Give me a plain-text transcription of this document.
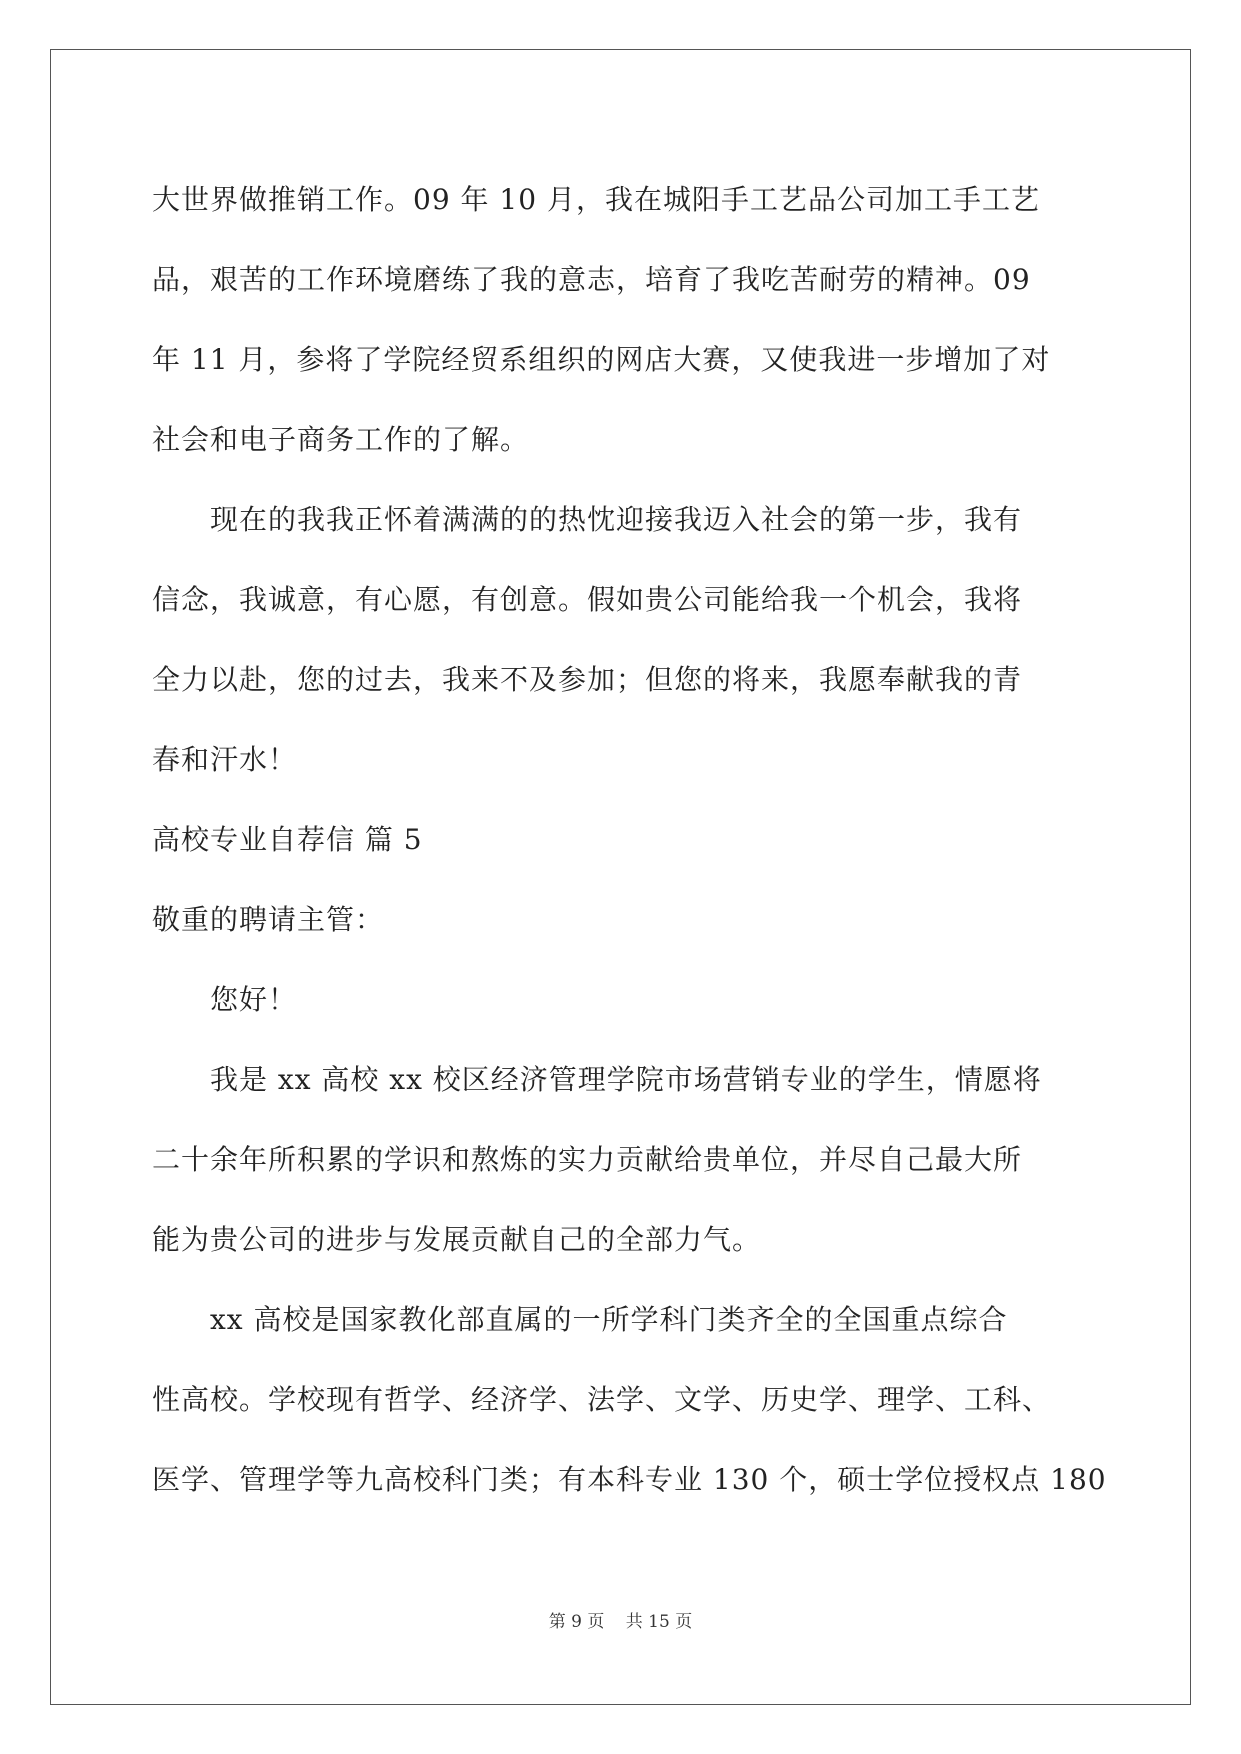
大世界做推销工作。09 年 10 月，我在城阳手工艺品公司加工手工艺
品，艰苦的工作环境磨练了我的意志，培育了我吃苦耐劳的精神。09
年 11 月，参将了学院经贸系组织的网店大赛，又使我进一步增加了对
社会和电子商务工作的了解。
现在的我我正怀着满满的的热忱迎接我迈入社会的第一步，我有
信念，我诚意，有心愿，有创意。假如贵公司能给我一个机会，我将
全力以赴，您的过去，我来不及参加；但您的将来，我愿奉献我的青
春和汗水！
高校专业自荐信 篇 5
敬重的聘请主管：
您好！
我是 xx 高校 xx 校区经济管理学院市场营销专业的学生，情愿将
二十余年所积累的学识和熬炼的实力贡献给贵单位，并尽自己最大所
能为贵公司的进步与发展贡献自己的全部力气。
xx 高校是国家教化部直属的一所学科门类齐全的全国重点综合
性高校。学校现有哲学、经济学、法学、文学、历史学、理学、工科、
医学、管理学等九高校科门类；有本科专业 130 个，硕士学位授权点 180
第 9 页 共 15 页
